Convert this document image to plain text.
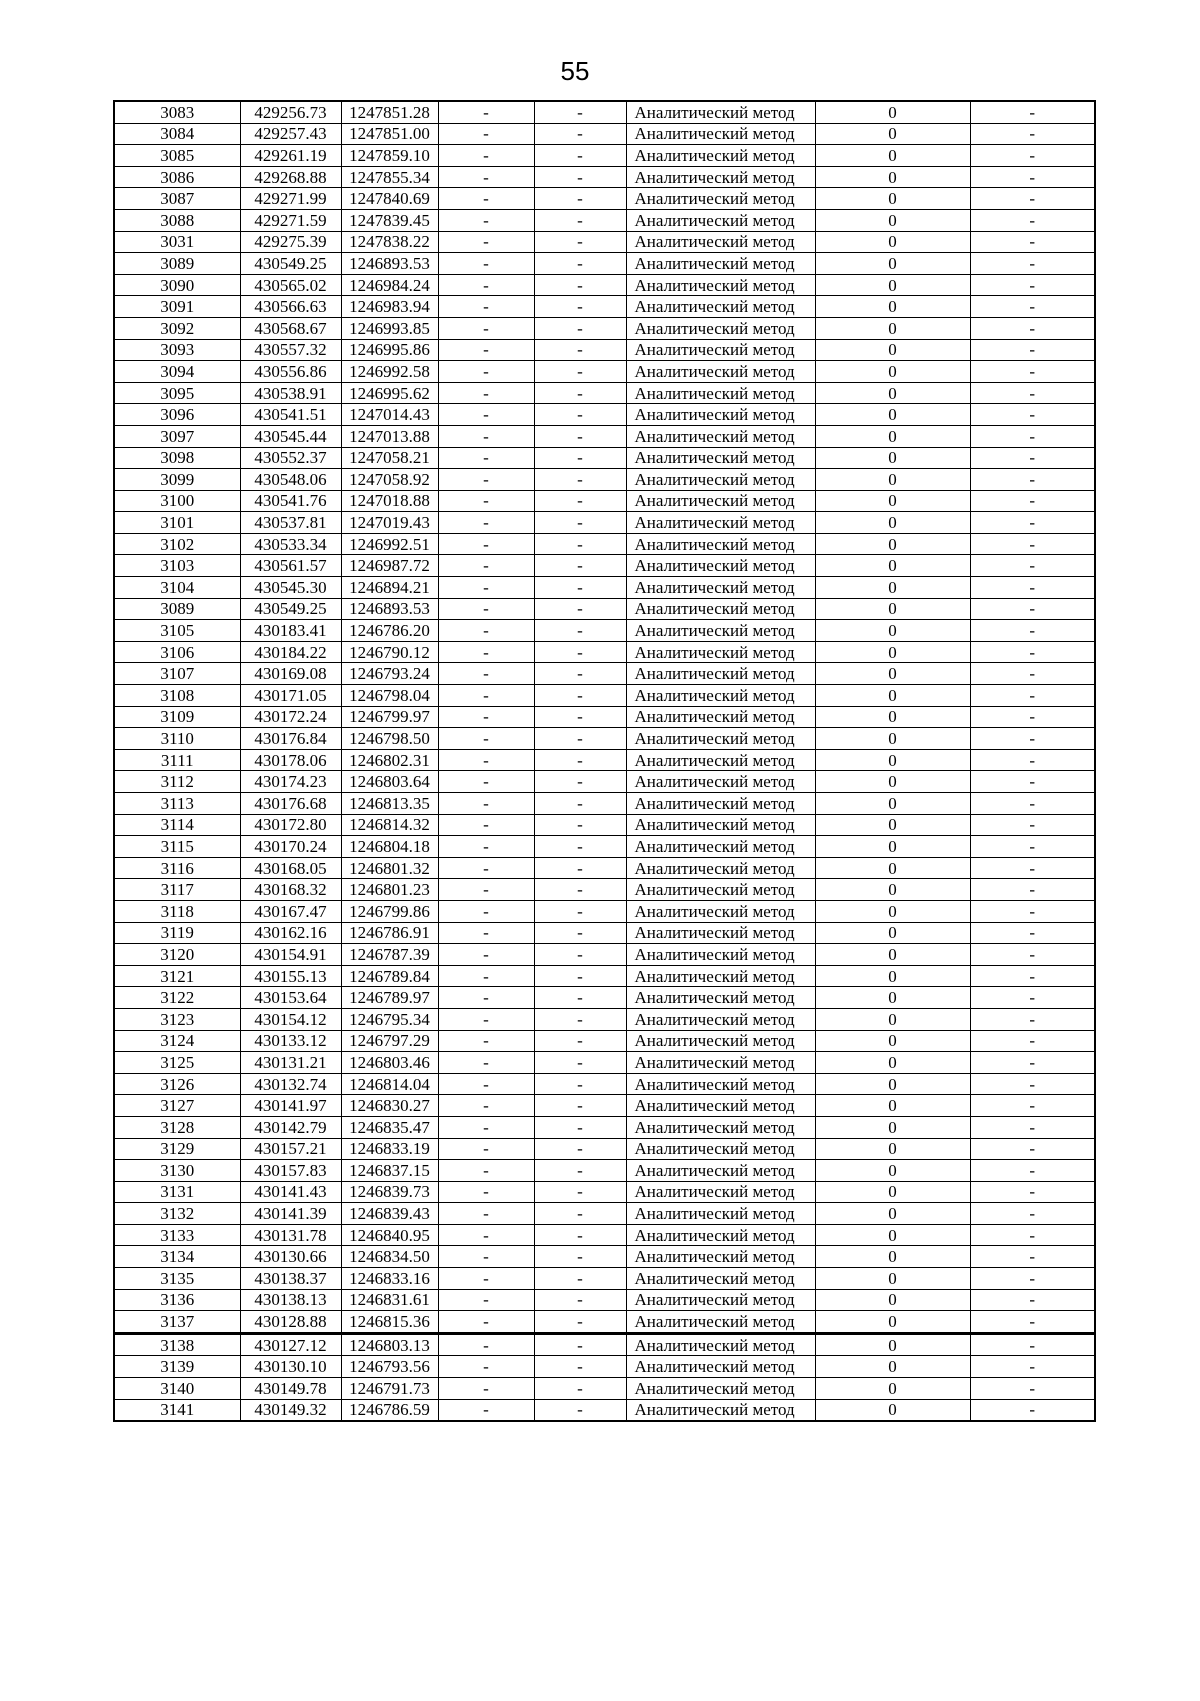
55
3083	429256.73	1247851.28	-	-	Аналитический метод	0	-
3084	429257.43	1247851.00	-	-	Аналитический метод	0	-
3085	429261.19	1247859.10	-	-	Аналитический метод	0	-
3086	429268.88	1247855.34	-	-	Аналитический метод	0	-
3087	429271.99	1247840.69	-	-	Аналитический метод	0	-
3088	429271.59	1247839.45	-	-	Аналитический метод	0	-
3031	429275.39	1247838.22	-	-	Аналитический метод	0	-
3089	430549.25	1246893.53	-	-	Аналитический метод	0	-
3090	430565.02	1246984.24	-	-	Аналитический метод	0	-
3091	430566.63	1246983.94	-	-	Аналитический метод	0	-
3092	430568.67	1246993.85	-	-	Аналитический метод	0	-
3093	430557.32	1246995.86	-	-	Аналитический метод	0	-
3094	430556.86	1246992.58	-	-	Аналитический метод	0	-
3095	430538.91	1246995.62	-	-	Аналитический метод	0	-
3096	430541.51	1247014.43	-	-	Аналитический метод	0	-
3097	430545.44	1247013.88	-	-	Аналитический метод	0	-
3098	430552.37	1247058.21	-	-	Аналитический метод	0	-
3099	430548.06	1247058.92	-	-	Аналитический метод	0	-
3100	430541.76	1247018.88	-	-	Аналитический метод	0	-
3101	430537.81	1247019.43	-	-	Аналитический метод	0	-
3102	430533.34	1246992.51	-	-	Аналитический метод	0	-
3103	430561.57	1246987.72	-	-	Аналитический метод	0	-
3104	430545.30	1246894.21	-	-	Аналитический метод	0	-
3089	430549.25	1246893.53	-	-	Аналитический метод	0	-
3105	430183.41	1246786.20	-	-	Аналитический метод	0	-
3106	430184.22	1246790.12	-	-	Аналитический метод	0	-
3107	430169.08	1246793.24	-	-	Аналитический метод	0	-
3108	430171.05	1246798.04	-	-	Аналитический метод	0	-
3109	430172.24	1246799.97	-	-	Аналитический метод	0	-
3110	430176.84	1246798.50	-	-	Аналитический метод	0	-
3111	430178.06	1246802.31	-	-	Аналитический метод	0	-
3112	430174.23	1246803.64	-	-	Аналитический метод	0	-
3113	430176.68	1246813.35	-	-	Аналитический метод	0	-
3114	430172.80	1246814.32	-	-	Аналитический метод	0	-
3115	430170.24	1246804.18	-	-	Аналитический метод	0	-
3116	430168.05	1246801.32	-	-	Аналитический метод	0	-
3117	430168.32	1246801.23	-	-	Аналитический метод	0	-
3118	430167.47	1246799.86	-	-	Аналитический метод	0	-
3119	430162.16	1246786.91	-	-	Аналитический метод	0	-
3120	430154.91	1246787.39	-	-	Аналитический метод	0	-
3121	430155.13	1246789.84	-	-	Аналитический метод	0	-
3122	430153.64	1246789.97	-	-	Аналитический метод	0	-
3123	430154.12	1246795.34	-	-	Аналитический метод	0	-
3124	430133.12	1246797.29	-	-	Аналитический метод	0	-
3125	430131.21	1246803.46	-	-	Аналитический метод	0	-
3126	430132.74	1246814.04	-	-	Аналитический метод	0	-
3127	430141.97	1246830.27	-	-	Аналитический метод	0	-
3128	430142.79	1246835.47	-	-	Аналитический метод	0	-
3129	430157.21	1246833.19	-	-	Аналитический метод	0	-
3130	430157.83	1246837.15	-	-	Аналитический метод	0	-
3131	430141.43	1246839.73	-	-	Аналитический метод	0	-
3132	430141.39	1246839.43	-	-	Аналитический метод	0	-
3133	430131.78	1246840.95	-	-	Аналитический метод	0	-
3134	430130.66	1246834.50	-	-	Аналитический метод	0	-
3135	430138.37	1246833.16	-	-	Аналитический метод	0	-
3136	430138.13	1246831.61	-	-	Аналитический метод	0	-
3137	430128.88	1246815.36	-	-	Аналитический метод	0	-
3138	430127.12	1246803.13	-	-	Аналитический метод	0	-
3139	430130.10	1246793.56	-	-	Аналитический метод	0	-
3140	430149.78	1246791.73	-	-	Аналитический метод	0	-
3141	430149.32	1246786.59	-	-	Аналитический метод	0	-
